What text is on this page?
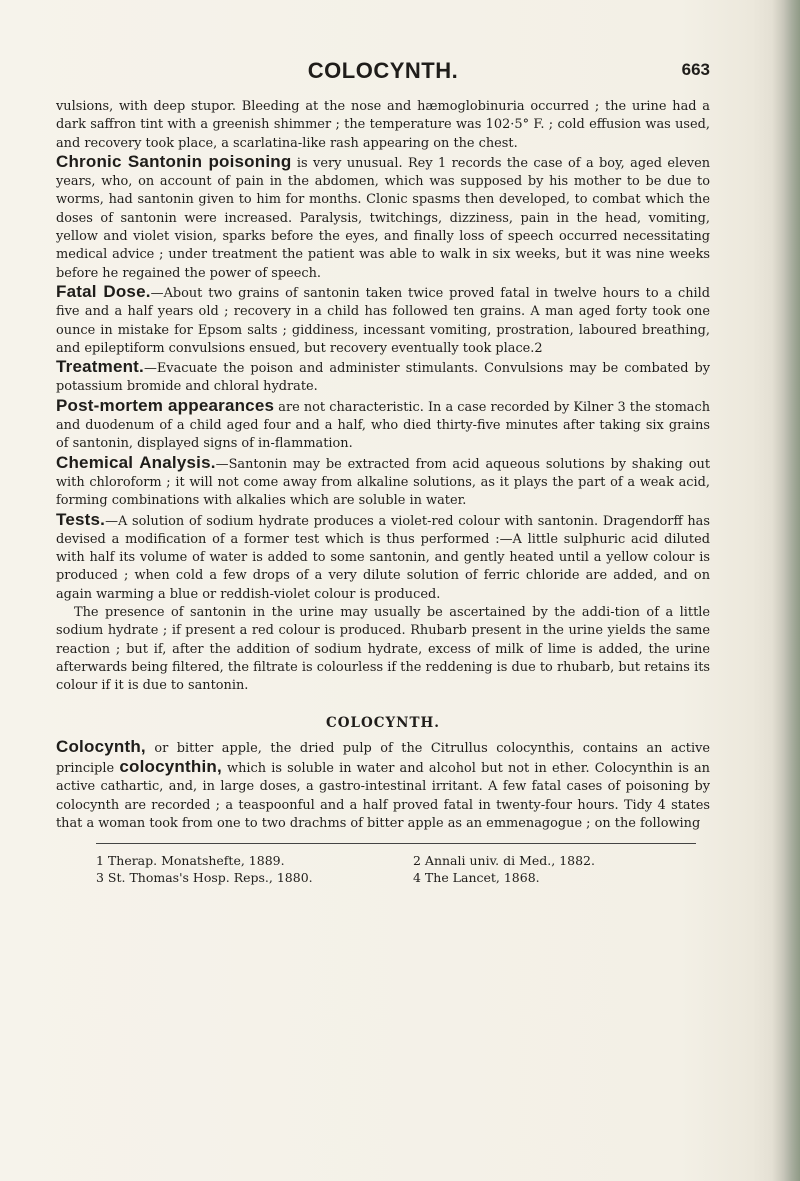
COLOCYNTH.	663

vulsions, with deep stupor. Bleeding at the nose and hæmoglobinuria occurred ; the urine had a dark saffron tint with a greenish shimmer ; the temperature was 102·5° F. ; cold effusion was used, and recovery took place, a scarlatina-like rash appearing on the chest.

Chronic Santonin poisoning is very unusual. Rey 1 records the case of a boy, aged eleven years, who, on account of pain in the abdomen, which was supposed by his mother to be due to worms, had santonin given to him for months. Clonic spasms then developed, to combat which the doses of santonin were increased. Paralysis, twitchings, dizziness, pain in the head, vomiting, yellow and violet vision, sparks before the eyes, and finally loss of speech occurred necessitating medical advice ; under treatment the patient was able to walk in six weeks, but it was nine weeks before he regained the power of speech.

Fatal Dose.—About two grains of santonin taken twice proved fatal in twelve hours to a child five and a half years old ; recovery in a child has followed ten grains. A man aged forty took one ounce in mistake for Epsom salts ; giddiness, incessant vomiting, prostration, laboured breathing, and epileptiform convulsions ensued, but recovery eventually took place.2

Treatment.—Evacuate the poison and administer stimulants. Convulsions may be combated by potassium bromide and chloral hydrate.

Post-mortem appearances are not characteristic. In a case recorded by Kilner 3 the stomach and duodenum of a child aged four and a half, who died thirty-five minutes after taking six grains of santonin, displayed signs of in-flammation.

Chemical Analysis.—Santonin may be extracted from acid aqueous solutions by shaking out with chloroform ; it will not come away from alkaline solutions, as it plays the part of a weak acid, forming combinations with alkalies which are soluble in water.

Tests.—A solution of sodium hydrate produces a violet-red colour with santonin. Dragendorff has devised a modification of a former test which is thus performed :—A little sulphuric acid diluted with half its volume of water is added to some santonin, and gently heated until a yellow colour is produced ; when cold a few drops of a very dilute solution of ferric chloride are added, and on again warming a blue or reddish-violet colour is produced.

The presence of santonin in the urine may usually be ascertained by the addi-tion of a little sodium hydrate ; if present a red colour is produced. Rhubarb present in the urine yields the same reaction ; but if, after the addition of sodium hydrate, excess of milk of lime is added, the urine afterwards being filtered, the filtrate is colourless if the reddening is due to rhubarb, but retains its colour if it is due to santonin.

COLOCYNTH.

Colocynth, or bitter apple, the dried pulp of the Citrullus colocynthis, contains an active principle colocynthin, which is soluble in water and alcohol but not in ether. Colocynthin is an active cathartic, and, in large doses, a gastro-intestinal irritant. A few fatal cases of poisoning by colocynth are recorded ; a teaspoonful and a half proved fatal in twenty-four hours. Tidy 4 states that a woman took from one to two drachms of bitter apple as an emmenagogue ; on the following

1 Therap. Monatshefte, 1889.	2 Annali univ. di Med., 1882.
3 St. Thomas's Hosp. Reps., 1880.	4 The Lancet, 1868.
